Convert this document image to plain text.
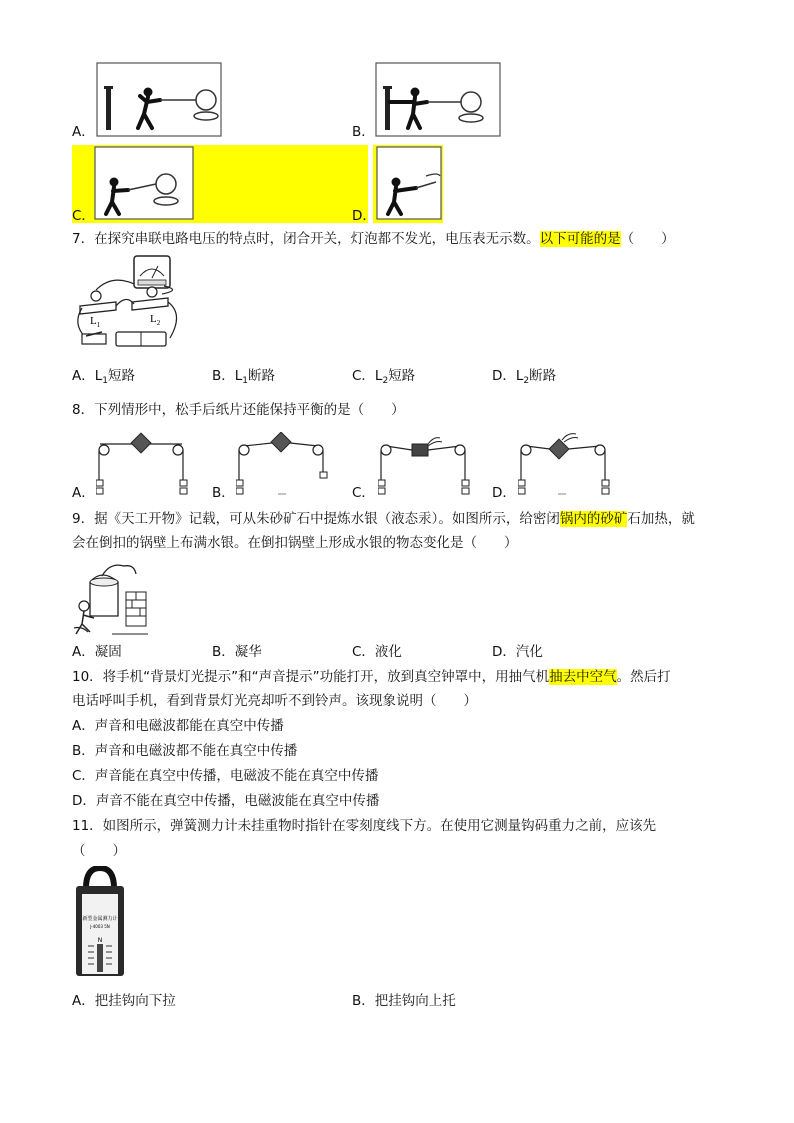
A．	B．
C．	D．
7．在探究串联电路电压的特点时，闭合开关，灯泡都不发光，电压表无示数。以下可能的是（　　）
$L_1$	$L_2$
A．$L_1$短路	B．$L_1$断路	C．$L_2$短路	D．$L_2$断路
8．下列情形中，松手后纸片还能保持平衡的是（　　）
A．	B．	C．	D．
9．据《天工开物》记载，可从朱砂矿石中提炼水银（液态汞）。如图所示，给密闭锅内的砂矿石加热，就
会在倒扣的锅壁上布满水银。在倒扣锅壁上形成水银的物态变化是（　　）
A．凝固	B．凝华	C．液化	D．汽化
10．将手机“背景灯光提示”和“声音提示”功能打开，放到真空钟罩中，用抽气机抽去中空气。然后打
电话呼叫手机，看到背景灯光亮却听不到铃声。该现象说明（　　）
A．声音和电磁波都能在真空中传播
B．声音和电磁波都不能在真空中传播
C．声音能在真空中传播，电磁波不能在真空中传播
D．声音不能在真空中传播，电磁波能在真空中传播
11．如图所示，弹簧测力计未挂重物时指针在零刻度线下方。在使用它测量钩码重力之前，应该先
（　　）
新型金属测力计
J-4003 5N
N
A．把挂钩向下拉	B．把挂钩向上托
